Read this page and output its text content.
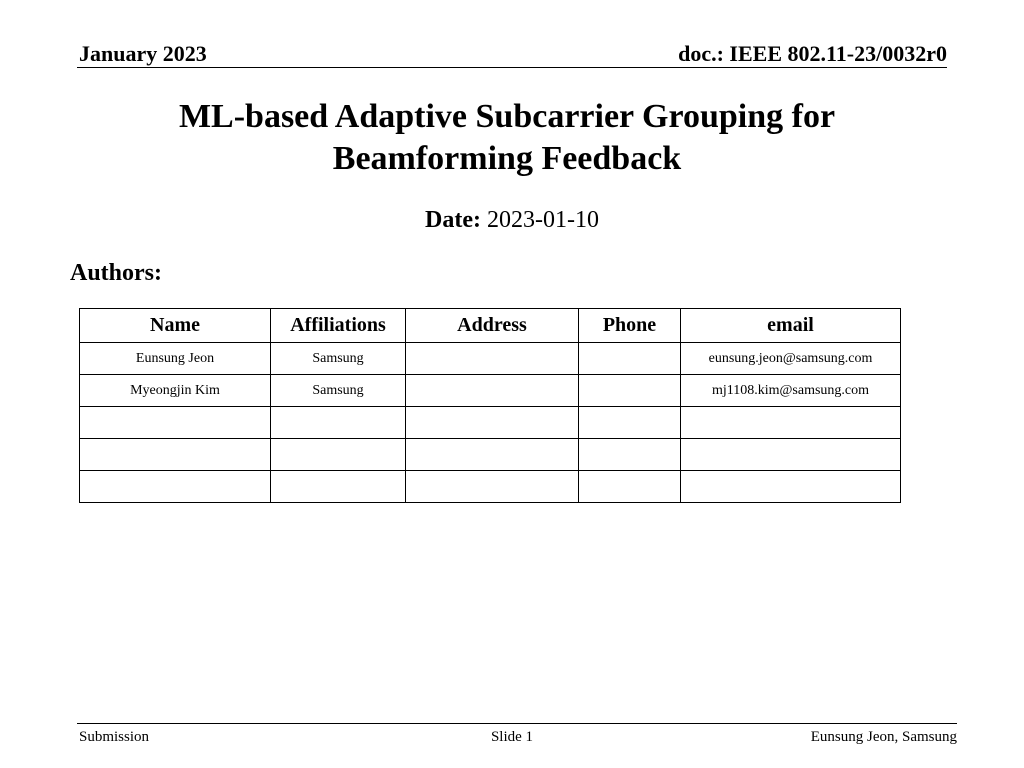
January 2023	doc.: IEEE 802.11-23/0032r0
ML-based Adaptive Subcarrier Grouping for
Beamforming Feedback
Date: 2023-01-10
Authors:
Name	Affiliations	Address	Phone	email
Eunsung Jeon	Samsung			eunsung.jeon@samsung.com
Myeongjin Kim	Samsung			mj1108.kim@samsung.com

Submission	Slide 1	Eunsung Jeon, Samsung
